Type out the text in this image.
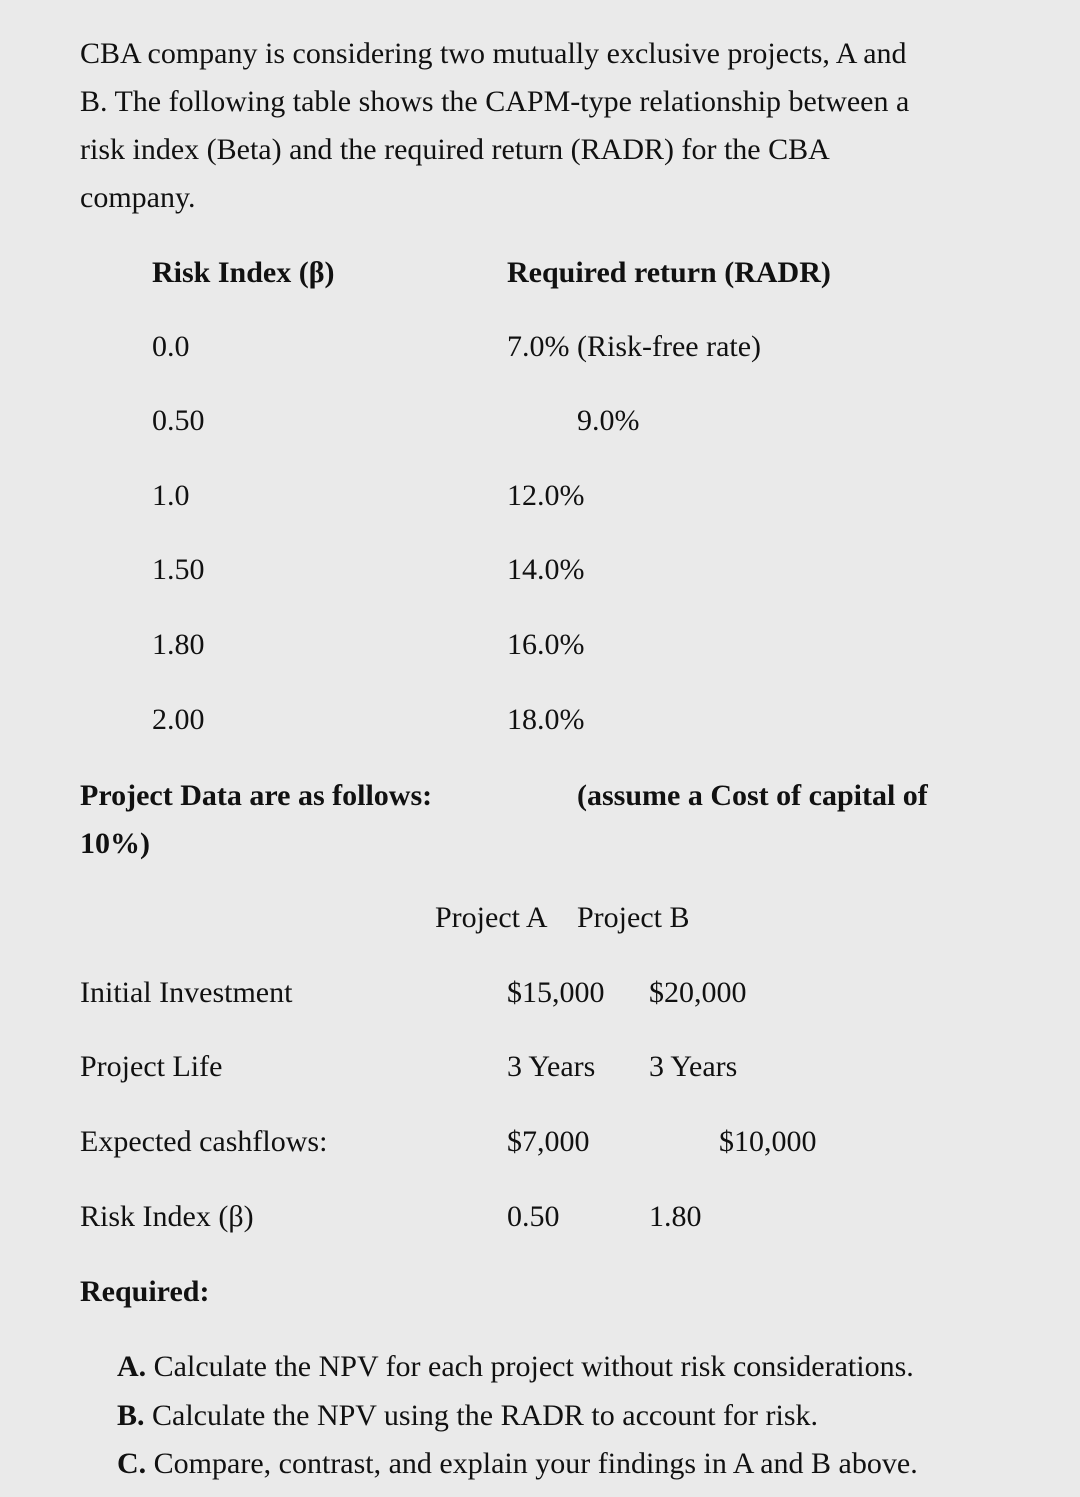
CBA company is considering two mutually exclusive projects, A and
B. The following table shows the CAPM-type relationship between a
risk index (Beta) and the required return (RADR) for the CBA
company.
Risk Index (β)	Required return (RADR)
0.0	7.0% (Risk-free rate)
0.50	9.0%
1.0	12.0%
1.50	14.0%
1.80	16.0%
2.00	18.0%
Project Data are as follows:	(assume a Cost of capital of
10%)
Project A Project B
Initial Investment	$15,000 $20,000
Project Life	3 Years 3 Years
Expected cashflows:	$7,000	$10,000
Risk Index (β)	0.50	1.80
Required:
A. Calculate the NPV for each project without risk considerations.
B. Calculate the NPV using the RADR to account for risk.
C. Compare, contrast, and explain your findings in A and B above.
